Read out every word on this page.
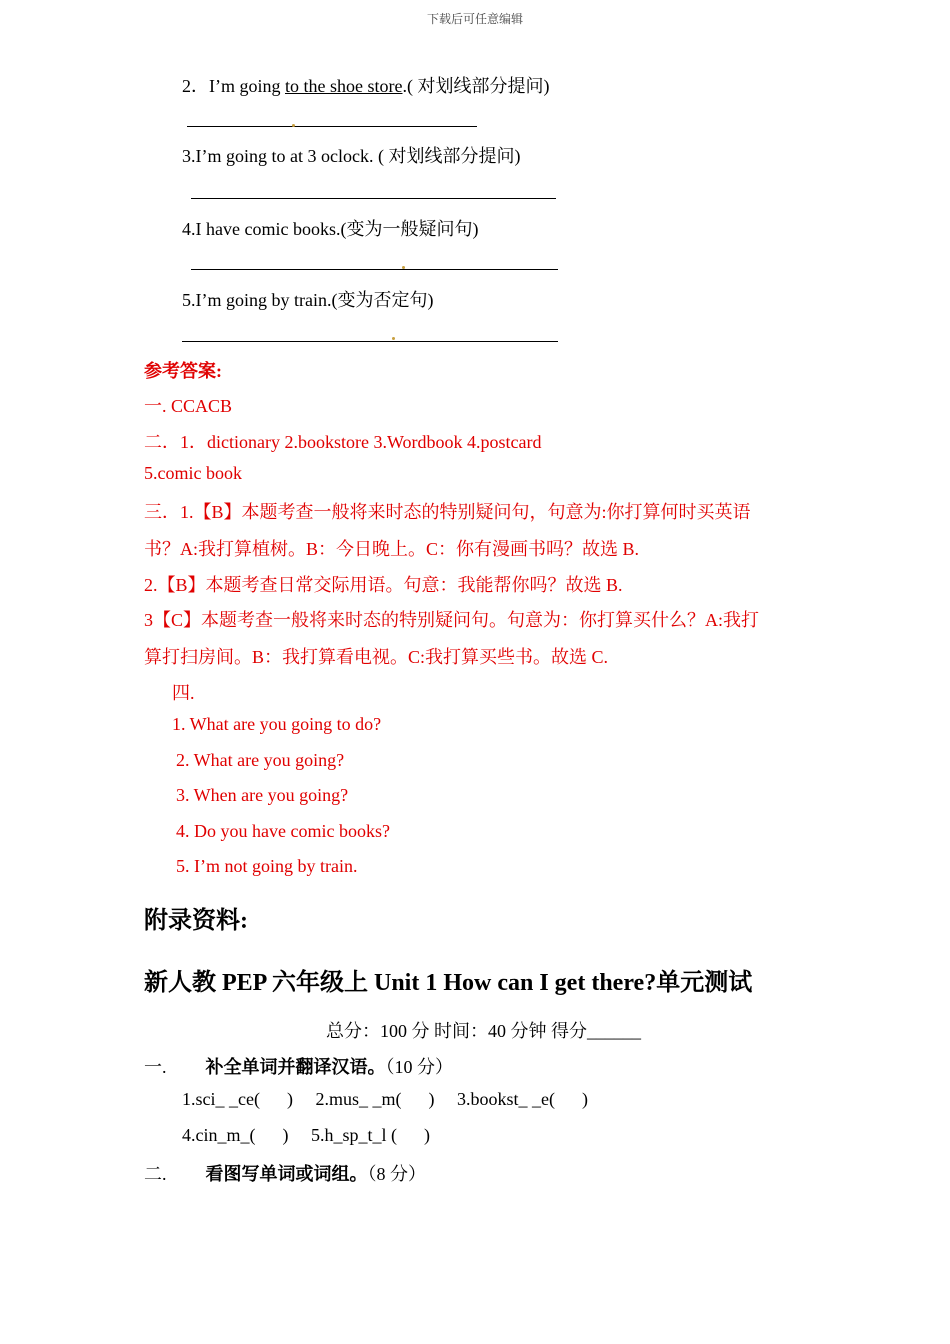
下载后可任意编辑
2．I’m going to the shoe store.( 对划线部分提问)
3.I’m going to at 3 oclock. ( 对划线部分提问)
4.I have comic books.(变为一般疑问句)
5.I’m going by train.(变为否定句)
参考答案:
一. CCACB
二．1．dictionary 2.bookstore 3.Wordbook 4.postcard
5.comic book
三．1.【B】本题考查一般将来时态的特别疑问句，句意为:你打算何时买英语
书？A:我打算植树。B：今日晚上。C：你有漫画书吗？故选 B.
2.【B】本题考查日常交际用语。句意：我能帮你吗？故选 B.
3【C】本题考查一般将来时态的特别疑问句。句意为：你打算买什么？A:我打
算打扫房间。B：我打算看电视。C:我打算买些书。故选 C.
四.
1. What are you going to do?
2. What are you going?
3. When are you going?
4. Do you have comic books?
5. I’m not going by train.
附录资料:
新人教 PEP 六年级上 Unit 1 How can I get there?单元测试
总分：100 分 时间：40 分钟 得分______
一. 补全单词并翻译汉语。（10 分）
1.sci_ _ce(      )     2.mus_ _m(      )     3.bookst_ _e(      )
4.cin_m_(      )     5.h_sp_t_l (      )
二. 看图写单词或词组。（8 分）
